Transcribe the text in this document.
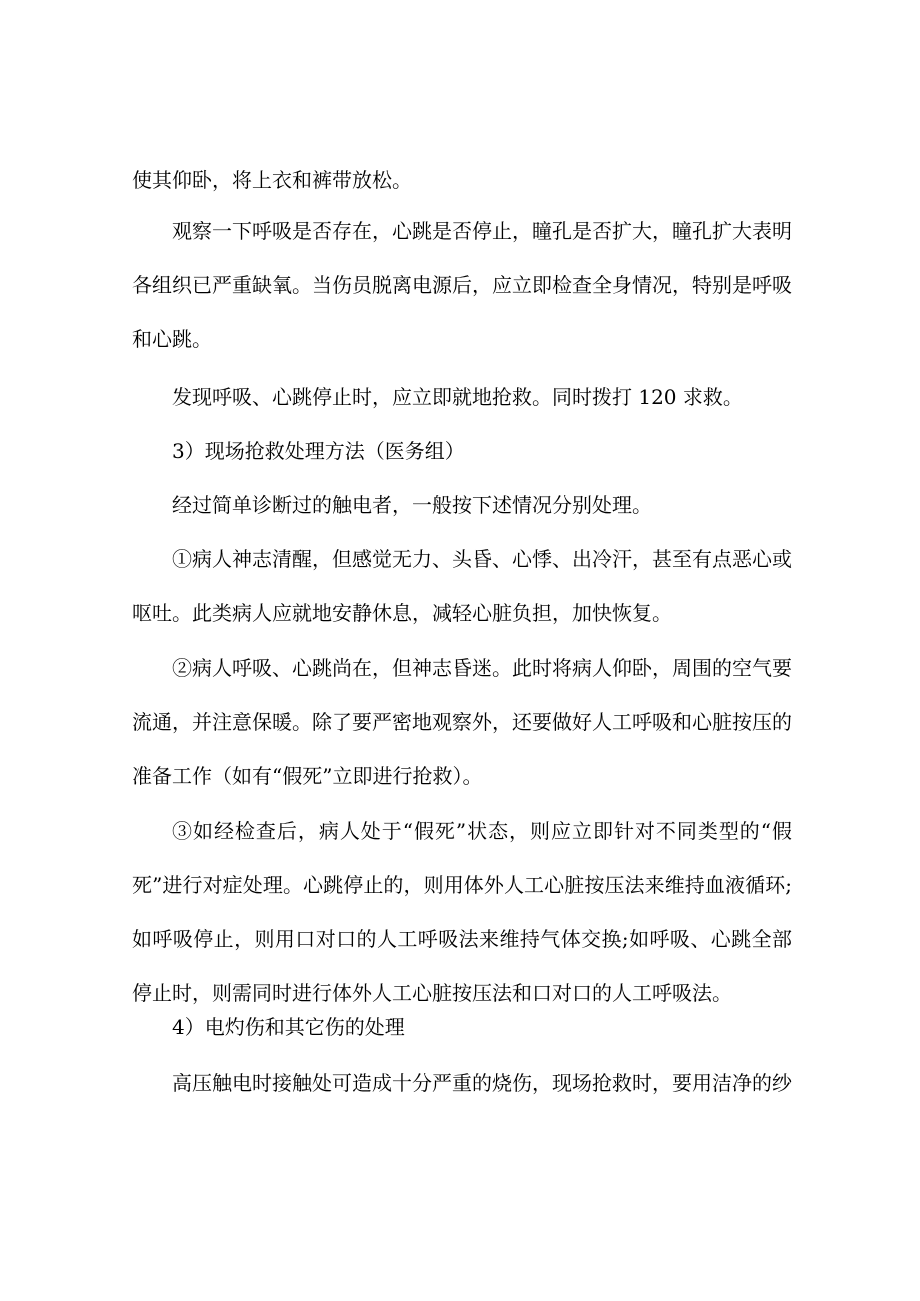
使其仰卧，将上衣和裤带放松。
观察一下呼吸是否存在，心跳是否停止，瞳孔是否扩大，瞳孔扩大表明
各组织已严重缺氧。当伤员脱离电源后，应立即检查全身情况，特别是呼吸
和心跳。
发现呼吸、心跳停止时，应立即就地抢救。同时拨打 120 求救。
3）现场抢救处理方法（医务组）
经过简单诊断过的触电者，一般按下述情况分别处理。
①病人神志清醒，但感觉无力、头昏、心悸、出冷汗，甚至有点恶心或
呕吐。此类病人应就地安静休息，减轻心脏负担，加快恢复。
②病人呼吸、心跳尚在，但神志昏迷。此时将病人仰卧，周围的空气要
流通，并注意保暖。除了要严密地观察外，还要做好人工呼吸和心脏按压的
准备工作（如有“假死”立即进行抢救）。
③如经检查后，病人处于“假死”状态，则应立即针对不同类型的“假
死”进行对症处理。心跳停止的，则用体外人工心脏按压法来维持血液循环;
如呼吸停止，则用口对口的人工呼吸法来维持气体交换;如呼吸、心跳全部
停止时，则需同时进行体外人工心脏按压法和口对口的人工呼吸法。
4）电灼伤和其它伤的处理
高压触电时接触处可造成十分严重的烧伤，现场抢救时，要用洁净的纱
